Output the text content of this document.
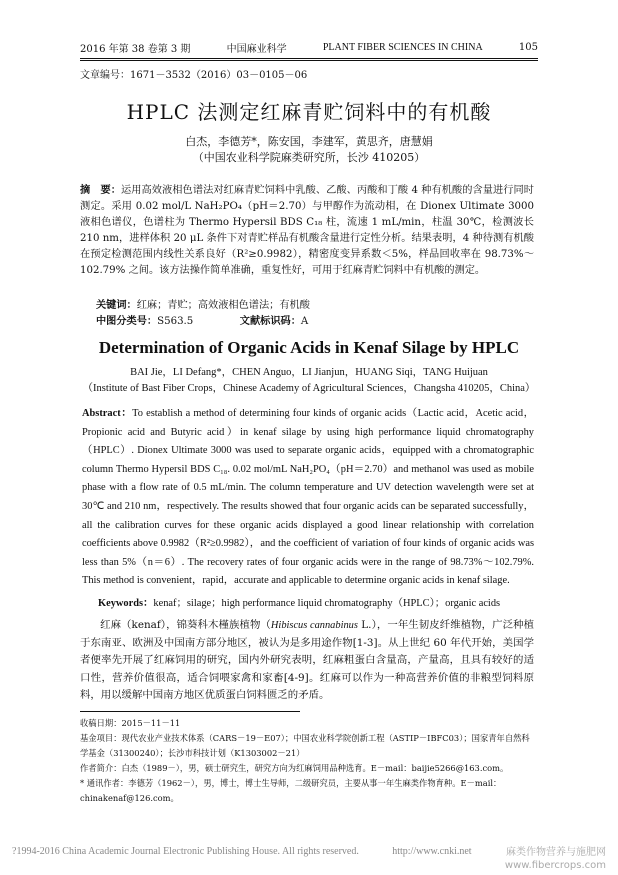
2016 年第 38 卷第 3 期	中国麻业科学	PLANT FIBER SCIENCES IN CHINA	105
文章编号：1671－3532（2016）03－0105－06
HPLC 法测定红麻青贮饲料中的有机酸
白杰，李德芳*，陈安国，李建军，黄思齐，唐慧娟
（中国农业科学院麻类研究所，长沙 410205）
摘　要：运用高效液相色谱法对红麻青贮饲料中乳酸、乙酸、丙酸和丁酸 4 种有机酸的含量进行同时测定。采用 0.02 mol/L NaH₂PO₄（pH＝2.70）与甲醇作为流动相，在 Dionex Ultimate 3000 液相色谱仪，色谱柱为 Thermo Hypersil BDS C₁₈ 柱，流速 1 mL/min，柱温 30℃，检测波长 210 nm，进样体积 20 μL 条件下对青贮样品有机酸含量进行定性分析。结果表明，4 种待测有机酸在预定检测范围内线性关系良好（R²≥0.9982），精密度变异系数＜5%，样品回收率在 98.73%～102.79% 之间。该方法操作简单准确，重复性好，可用于红麻青贮饲料中有机酸的测定。
关键词：红麻；青贮；高效液相色谱法；有机酸
中图分类号：S563.5	文献标识码：A
Determination of Organic Acids in Kenaf Silage by HPLC
BAI Jie，LI Defang*，CHEN Anguo，LI Jianjun，HUANG Siqi，TANG Huijuan
（Institute of Bast Fiber Crops，Chinese Academy of Agricultural Sciences，Changsha 410205，China）
Abstract：To establish a method of determining four kinds of organic acids（Lactic acid，Acetic acid，Propionic acid and Butyric acid）in kenaf silage by using high performance liquid chromatography（HPLC）. Dionex Ultimate 3000 was used to separate organic acids，equipped with a chromatographic column Thermo Hypersil BDS C₁₈. 0.02 mol/mL NaH₂PO₄（pH＝2.70）and methanol was used as mobile phase with a flow rate of 0.5 mL/min. The column temperature and UV detection wavelength were set at 30℃ and 210 nm，respectively. The results showed that four organic acids can be separated successfully，all the calibration curves for these organic acids displayed a good linear relationship with correlation coefficients above 0.9982（R²≥0.9982），and the coefficient of variation of four kinds of organic acids was less than 5%（n＝6）. The recovery rates of four organic acids were in the range of 98.73%～102.79%. This method is convenient，rapid，accurate and applicable to determine organic acids in kenaf silage.
Keywords：kenaf；silage；high performance liquid chromatography（HPLC）；organic acids
红麻（kenaf），锦葵科木槿族植物（Hibiscus cannabinus L.），一年生韧皮纤维植物，广泛种植于东南亚、欧洲及中国南方部分地区，被认为是多用途作物[1-3]。从上世纪 60 年代开始，美国学者便率先开展了红麻饲用的研究，国内外研究表明，红麻粗蛋白含量高，产量高，且具有较好的适口性，营养价值很高，适合饲喂家禽和家畜[4-9]。红麻可以作为一种高营养价值的非粮型饲料原料，用以缓解中国南方地区优质蛋白饲料匮乏的矛盾。
收稿日期：2015－11－11
基金项目：现代农业产业技术体系（CARS－19－E07）；中国农业科学院创新工程（ASTIP－IBFC03）；国家青年自然科学基金（31300240）；长沙市科技计划（K1303002－21）
作者简介：白杰（1989－），男，硕士研究生，研究方向为红麻饲用品种选育。E－mail：baijie5266@163.com。
* 通讯作者：李德芳（1962－），男，博士，博士生导师，二级研究员，主要从事一年生麻类作物育种。E－mail：chinakenaf@126.com。
?1994-2016 China Academic Journal Electronic Publishing House. All rights reserved.	http://www.cnki.net	麻类作物营养与施肥网
www.fibercrops.com
